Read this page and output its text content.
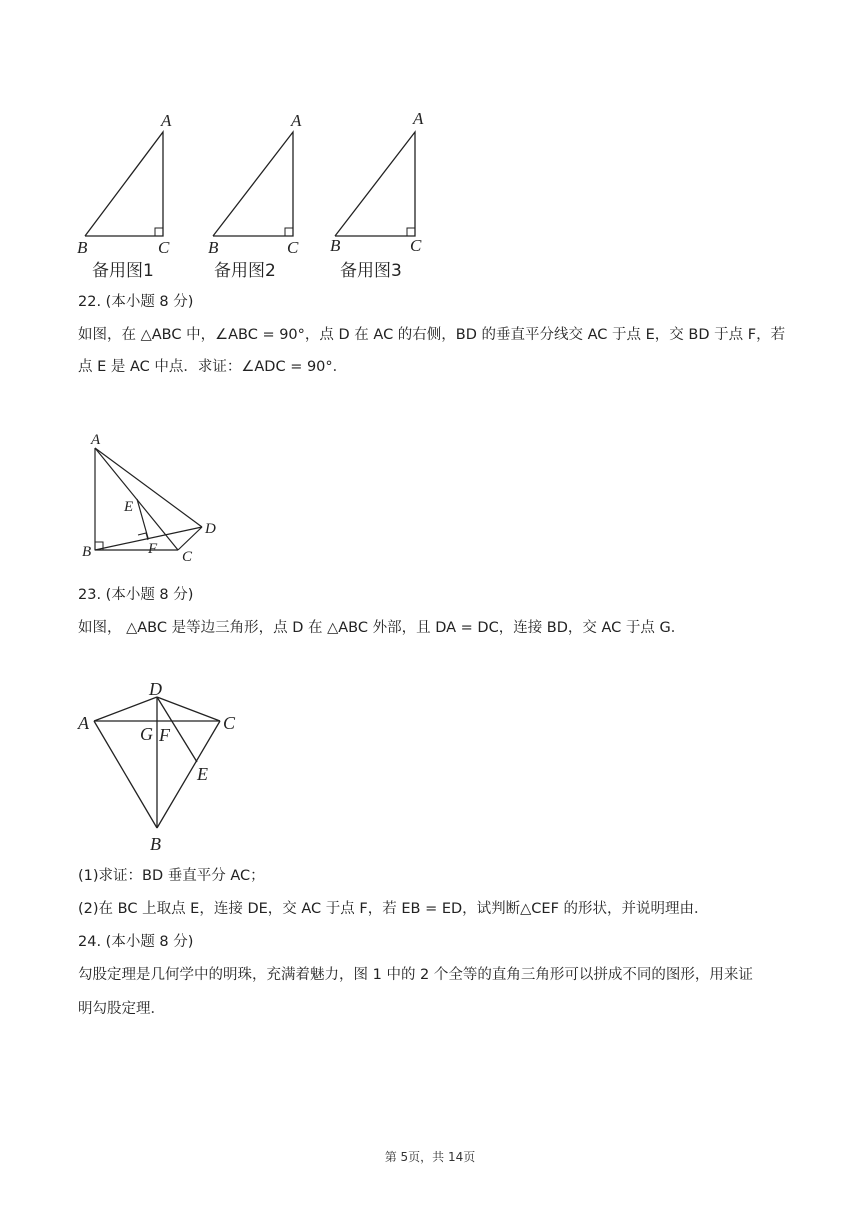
A
B	C
A
B	C
A
B	C
备用图1	备用图2	备用图3
22. (本小题 8 分)
如图，在 △ABC 中，∠ABC = 90°，点 D 在 AC 的右侧，BD 的垂直平分线交 AC 于点 E，交 BD 于点 F，若
点 E 是 AC 中点．求证：∠ADC = 90°．
A
B	C
D
E
F
23. (本小题 8 分)
如图， △ABC 是等边三角形，点 D 在 △ABC 外部，且 DA = DC，连接 BD，交 AC 于点 G．
D
A	C
G F
E
B
(1)求证：BD 垂直平分 AC；
(2)在 BC 上取点 E，连接 DE，交 AC 于点 F，若 EB = ED，试判断△CEF 的形状，并说明理由．
24. (本小题 8 分)
勾股定理是几何学中的明珠，充满着魅力，图 1 中的 2 个全等的直角三角形可以拼成不同的图形，用来证
明勾股定理．
第 5页，共 14页
